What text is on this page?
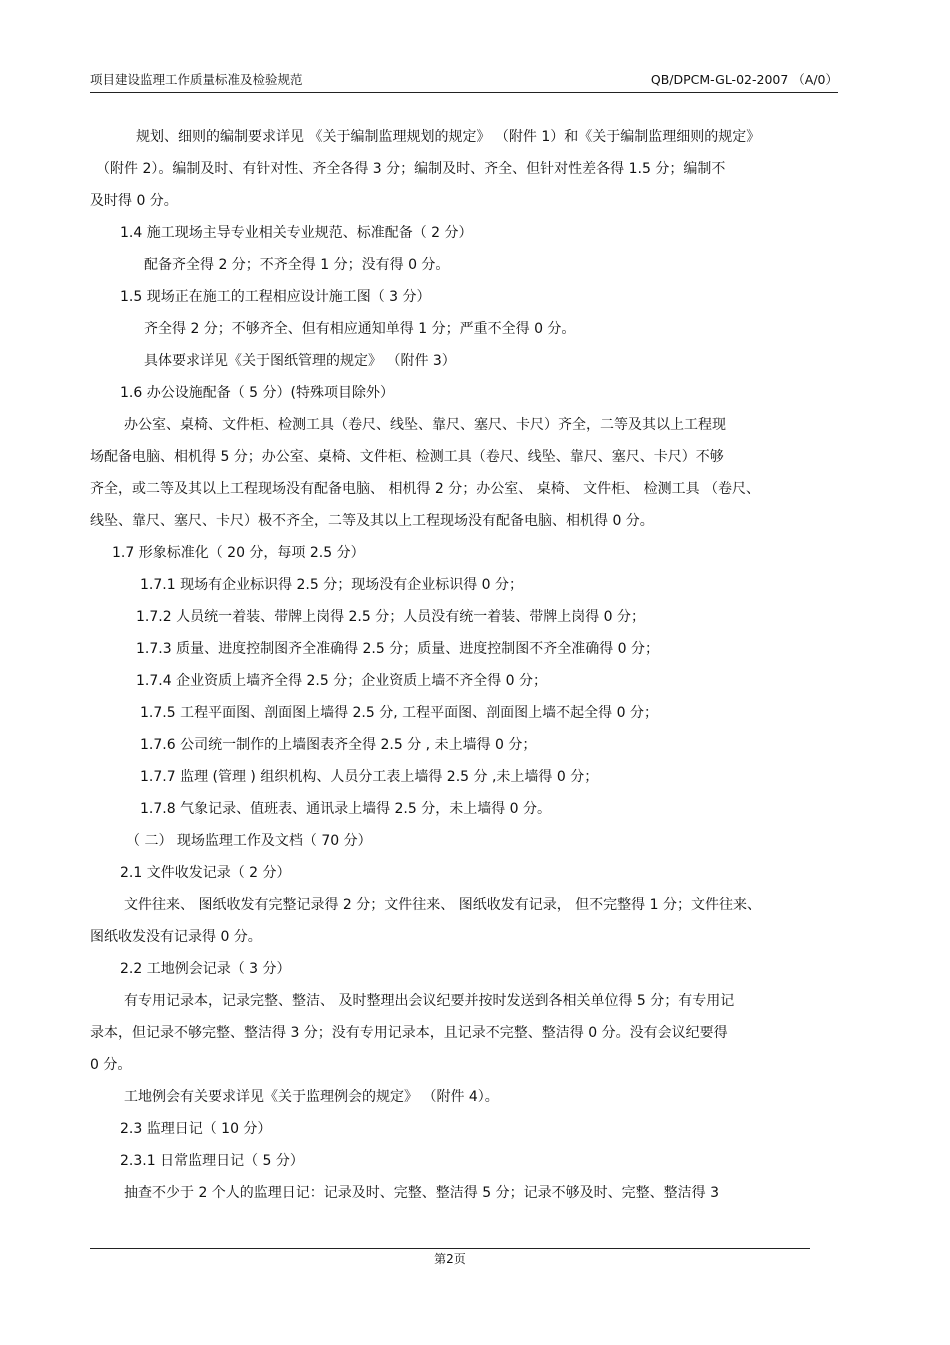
项目建设监理工作质量标准及检验规范	QB/DPCM-GL-02-2007 （A/0）
规划、细则的编制要求详见 《关于编制监理规划的规定》 （附件 1）和《关于编制监理细则的规定》
（附件 2）。编制及时、有针对性、齐全各得 3 分；编制及时、齐全、但针对性差各得 1.5 分；编制不
及时得 0 分。
1.4 施工现场主导专业相关专业规范、标准配备（ 2 分）
配备齐全得 2 分；不齐全得 1 分；没有得 0 分。
1.5 现场正在施工的工程相应设计施工图（ 3 分）
齐全得 2 分；不够齐全、但有相应通知单得 1 分；严重不全得 0 分。
具体要求详见《关于图纸管理的规定》 （附件 3）
1.6 办公设施配备（ 5 分）(特殊项目除外）
办公室、桌椅、文件柜、检测工具（卷尺、线坠、靠尺、塞尺、卡尺）齐全，二等及其以上工程现
场配备电脑、相机得 5 分；办公室、桌椅、文件柜、检测工具（卷尺、线坠、靠尺、塞尺、卡尺）不够
齐全，或二等及其以上工程现场没有配备电脑、 相机得 2 分；办公室、 桌椅、 文件柜、 检测工具 （卷尺、
线坠、靠尺、塞尺、卡尺）极不齐全，二等及其以上工程现场没有配备电脑、相机得 0 分。
1.7 形象标准化（ 20 分，每项 2.5 分）
1.7.1 现场有企业标识得 2.5 分；现场没有企业标识得 0 分；
1.7.2 人员统一着装、带牌上岗得 2.5 分；人员没有统一着装、带牌上岗得 0 分；
1.7.3 质量、进度控制图齐全准确得 2.5 分；质量、进度控制图不齐全准确得 0 分；
1.7.4 企业资质上墙齐全得 2.5 分；企业资质上墙不齐全得 0 分；
1.7.5 工程平面图、剖面图上墙得 2.5 分, 工程平面图、剖面图上墙不起全得 0 分；
1.7.6 公司统一制作的上墙图表齐全得 2.5 分 , 未上墙得 0 分；
1.7.7 监理 (管理 ) 组织机构、人员分工表上墙得 2.5 分 ,未上墙得 0 分；
1.7.8 气象记录、值班表、通讯录上墙得 2.5 分，未上墙得 0 分。
（ 二） 现场监理工作及文档（ 70 分）
2.1 文件收发记录（ 2 分）
文件往来、 图纸收发有完整记录得 2 分；文件往来、 图纸收发有记录， 但不完整得 1 分；文件往来、
图纸收发没有记录得 0 分。
2.2 工地例会记录（ 3 分）
有专用记录本，记录完整、整洁、 及时整理出会议纪要并按时发送到各相关单位得 5 分；有专用记
录本，但记录不够完整、整洁得 3 分；没有专用记录本，且记录不完整、整洁得 0 分。没有会议纪要得
0 分。
工地例会有关要求详见《关于监理例会的规定》 （附件 4）。
2.3 监理日记（ 10 分）
2.3.1 日常监理日记（ 5 分）
抽查不少于 2 个人的监理日记：记录及时、完整、整洁得 5 分；记录不够及时、完整、整洁得 3
第2页
